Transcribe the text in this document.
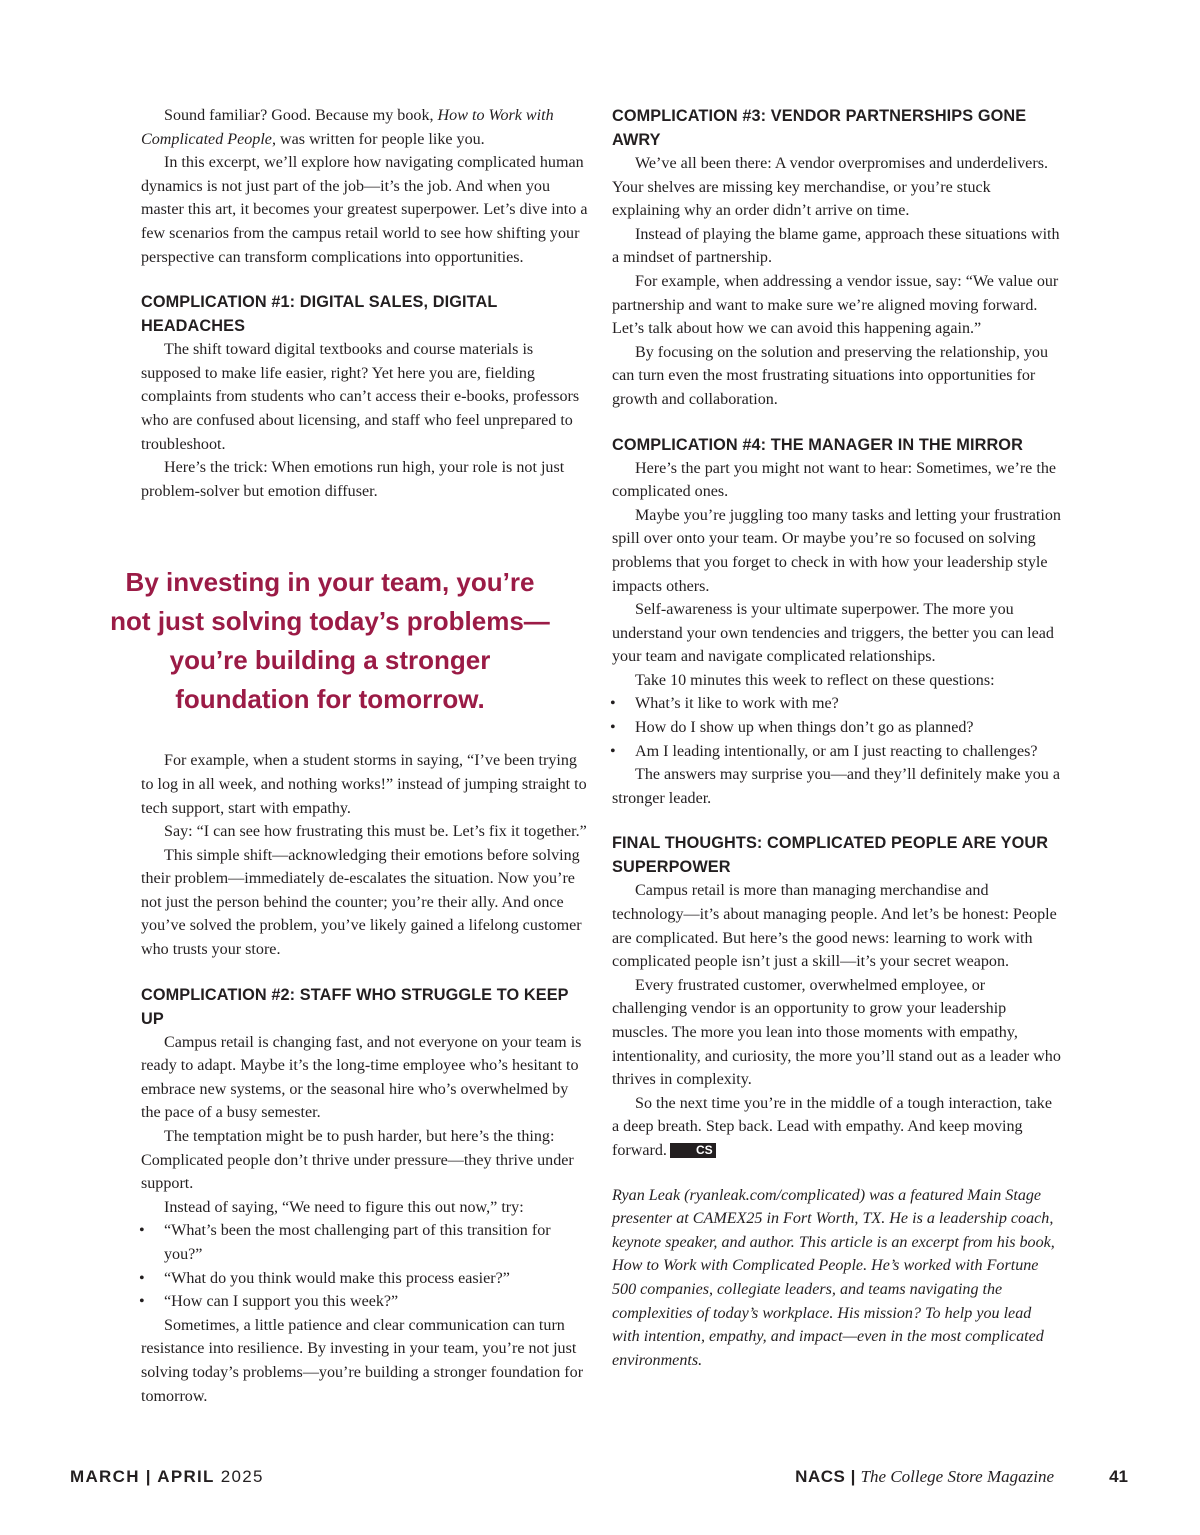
Sound familiar? Good. Because my book, How to Work with Complicated People, was written for people like you.

In this excerpt, we’ll explore how navigating complicated human dynamics is not just part of the job—it’s the job. And when you master this art, it becomes your greatest superpower. Let’s dive into a few scenarios from the campus retail world to see how shifting your perspective can transform complications into opportunities.

COMPLICATION #1: DIGITAL SALES, DIGITAL HEADACHES

The shift toward digital textbooks and course materials is supposed to make life easier, right? Yet here you are, fielding complaints from students who can’t access their e-books, professors who are confused about licensing, and staff who feel unprepared to troubleshoot.

Here’s the trick: When emotions run high, your role is not just problem-solver but emotion diffuser.

For example, when a student storms in saying, “I’ve been trying to log in all week, and nothing works!” instead of jumping straight to tech support, start with empathy.

Say: “I can see how frustrating this must be. Let’s fix it together.”

This simple shift—acknowledging their emotions before solving their problem—immediately de-escalates the situation. Now you’re not just the person behind the counter; you’re their ally. And once you’ve solved the problem, you’ve likely gained a lifelong customer who trusts your store.

COMPLICATION #2: STAFF WHO STRUGGLE TO KEEP UP

Campus retail is changing fast, and not everyone on your team is ready to adapt. Maybe it’s the long-time employee who’s hesitant to embrace new systems, or the seasonal hire who’s overwhelmed by the pace of a busy semester.

The temptation might be to push harder, but here’s the thing: Complicated people don’t thrive under pressure—they thrive under support.

Instead of saying, “We need to figure this out now,” try:

• “What’s been the most challenging part of this transition for you?”
• “What do you think would make this process easier?”
• “How can I support you this week?”

Sometimes, a little patience and clear communication can turn resistance into resilience. By investing in your team, you’re not just solving today’s problems—you’re building a stronger foundation for tomorrow.

By investing in your team, you’re
not just solving today’s problems—
you’re building a stronger
foundation for tomorrow.
COMPLICATION #3: VENDOR PARTNERSHIPS GONE AWRY

We’ve all been there: A vendor overpromises and underdelivers. Your shelves are missing key merchandise, or you’re stuck explaining why an order didn’t arrive on time.

Instead of playing the blame game, approach these situations with a mindset of partnership.

For example, when addressing a vendor issue, say: “We value our partnership and want to make sure we’re aligned moving forward. Let’s talk about how we can avoid this happening again.”

By focusing on the solution and preserving the relationship, you can turn even the most frustrating situations into opportunities for growth and collaboration.

COMPLICATION #4: THE MANAGER IN THE MIRROR

Here’s the part you might not want to hear: Sometimes, we’re the complicated ones.

Maybe you’re juggling too many tasks and letting your frustration spill over onto your team. Or maybe you’re so focused on solving problems that you forget to check in with how your leadership style impacts others.

Self-awareness is your ultimate superpower. The more you understand your own tendencies and triggers, the better you can lead your team and navigate complicated relationships.

Take 10 minutes this week to reflect on these questions:

• What’s it like to work with me?
• How do I show up when things don’t go as planned?
• Am I leading intentionally, or am I just reacting to challenges?

The answers may surprise you—and they’ll definitely make you a stronger leader.

FINAL THOUGHTS: COMPLICATED PEOPLE ARE YOUR SUPERPOWER

Campus retail is more than managing merchandise and technology—it’s about managing people. And let’s be honest: People are complicated. But here’s the good news: learning to work with complicated people isn’t just a skill—it’s your secret weapon.

Every frustrated customer, overwhelmed employee, or challenging vendor is an opportunity to grow your leadership muscles. The more you lean into those moments with empathy, intentionality, and curiosity, the more you’ll stand out as a leader who thrives in complexity.

So the next time you’re in the middle of a tough interaction, take a deep breath. Step back. Lead with empathy. And keep moving forward. CS

Ryan Leak (ryanleak.com/complicated) was a featured Main Stage presenter at CAMEX25 in Fort Worth, TX. He is a leadership coach, keynote speaker, and author. This article is an excerpt from his book, How to Work with Complicated People. He’s worked with Fortune 500 companies, collegiate leaders, and teams navigating the complexities of today’s workplace. His mission? To help you lead with intention, empathy, and impact—even in the most complicated environments.

MARCH | APRIL 2025	NACS | The College Store Magazine	41
